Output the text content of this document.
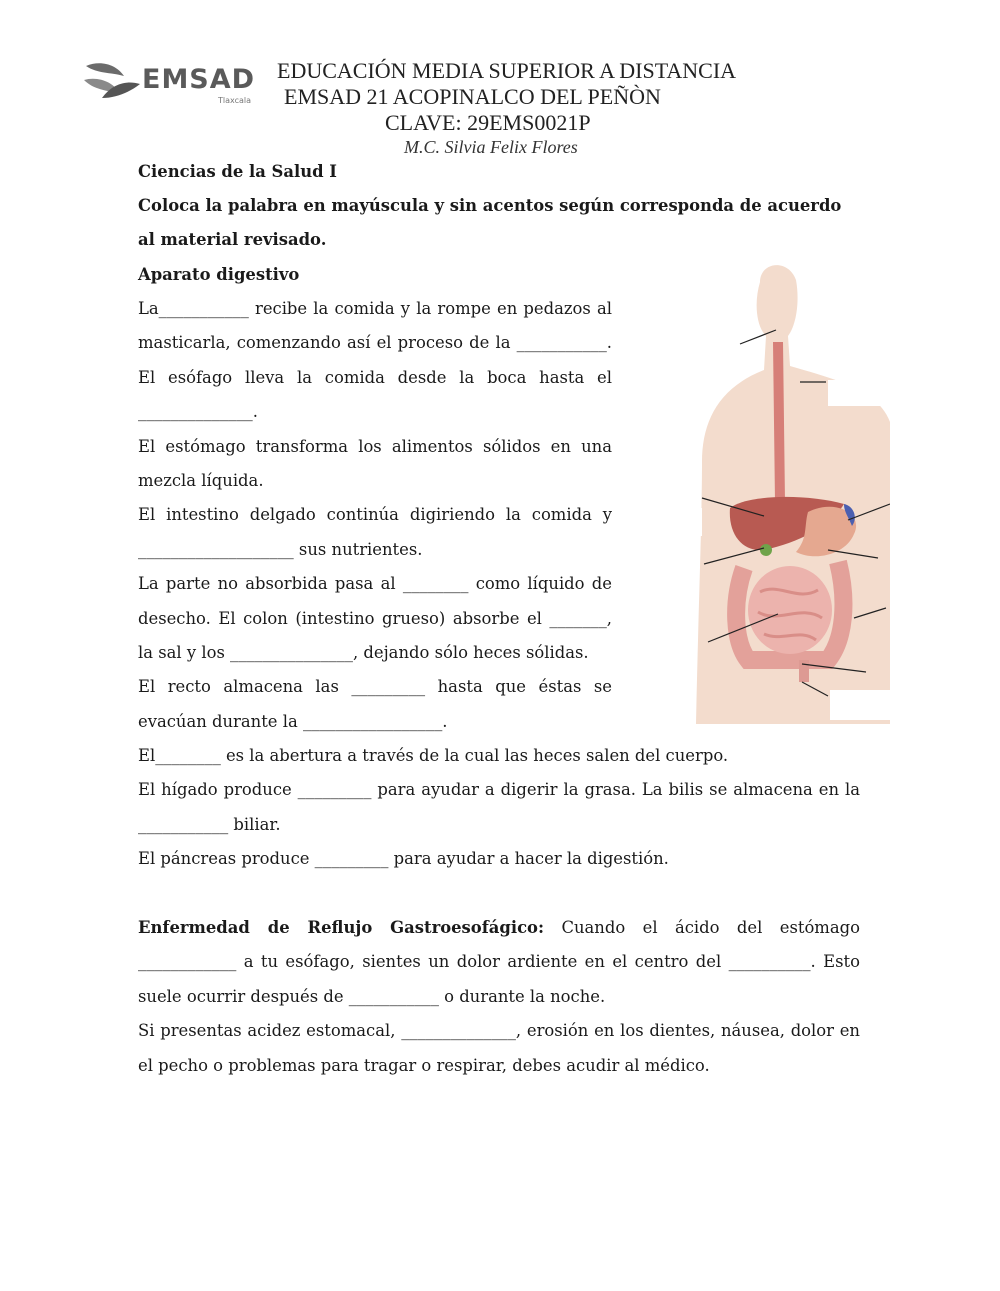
EMSAD
Tlaxcala
EDUCACIÓN MEDIA SUPERIOR A DISTANCIA
EMSAD 21 ACOPINALCO DEL PEÑÒN
CLAVE: 29EMS0021P
M.C. Silvia Felix Flores
Ciencias de la Salud I
Coloca la palabra en mayúscula y sin acentos según corresponda de acuerdo al material revisado.
Aparato digestivo
La___________ recibe la comida y la rompe en pedazos al masticarla, comenzando así el proceso de la ___________. El esófago lleva la comida desde la boca hasta el ______________.
El estómago transforma los alimentos sólidos en una mezcla líquida.
El intestino delgado continúa digiriendo la comida y ___________________ sus nutrientes.
La parte no absorbida pasa al ________ como líquido de desecho. El colon (intestino grueso) absorbe el _______, la sal y los _______________, dejando sólo heces sólidas.
El recto almacena las _________ hasta que éstas se evacúan durante la _________________.
El________ es la abertura a través de la cual las heces salen del cuerpo.
El hígado produce _________ para ayudar a digerir la grasa. La bilis se almacena en la ___________ biliar.
El páncreas produce _________ para ayudar a hacer la digestión.
Enfermedad de Reflujo Gastroesofágico: Cuando el ácido del estómago ____________ a tu esófago, sientes un dolor ardiente en el centro del __________. Esto suele ocurrir después de ___________ o durante la noche.
Si presentas acidez estomacal, ______________, erosión en los dientes, náusea, dolor en el pecho o problemas para tragar o respirar, debes acudir al médico.
